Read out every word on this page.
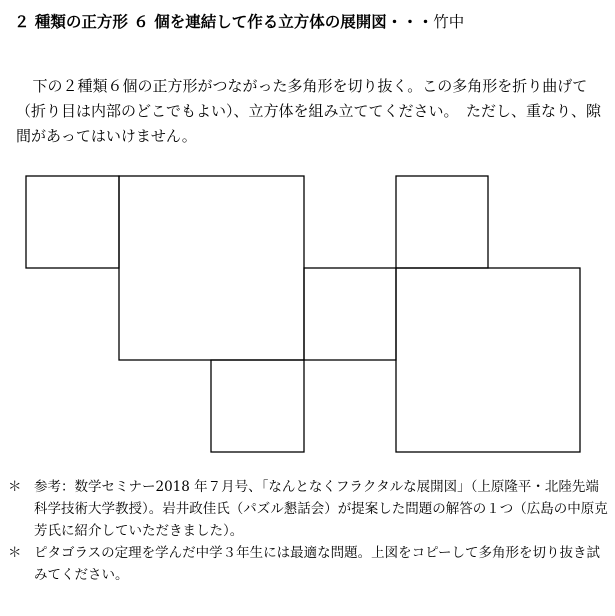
２ 種類の正方形 ６ 個を連結して作る立方体の展開図・・・竹中

下の２種類６個の正方形がつながった多角形を切り抜く。この多角形を折り曲げて（折り目は内部のどこでもよい）、立方体を組み立ててください。　ただし、重なり、隙間があってはいけません。

＊ 参考：数学セミナー2018 年７月号、「なんとなくフラクタルな展開図」（上原隆平・北陸先端科学技術大学教授）。岩井政佳氏（パズル懇話会）が提案した問題の解答の１つ（広島の中原克芳氏に紹介していただきました）。
＊ ピタゴラスの定理を学んだ中学３年生には最適な問題。上図をコピーして多角形を切り抜き試みてください。
